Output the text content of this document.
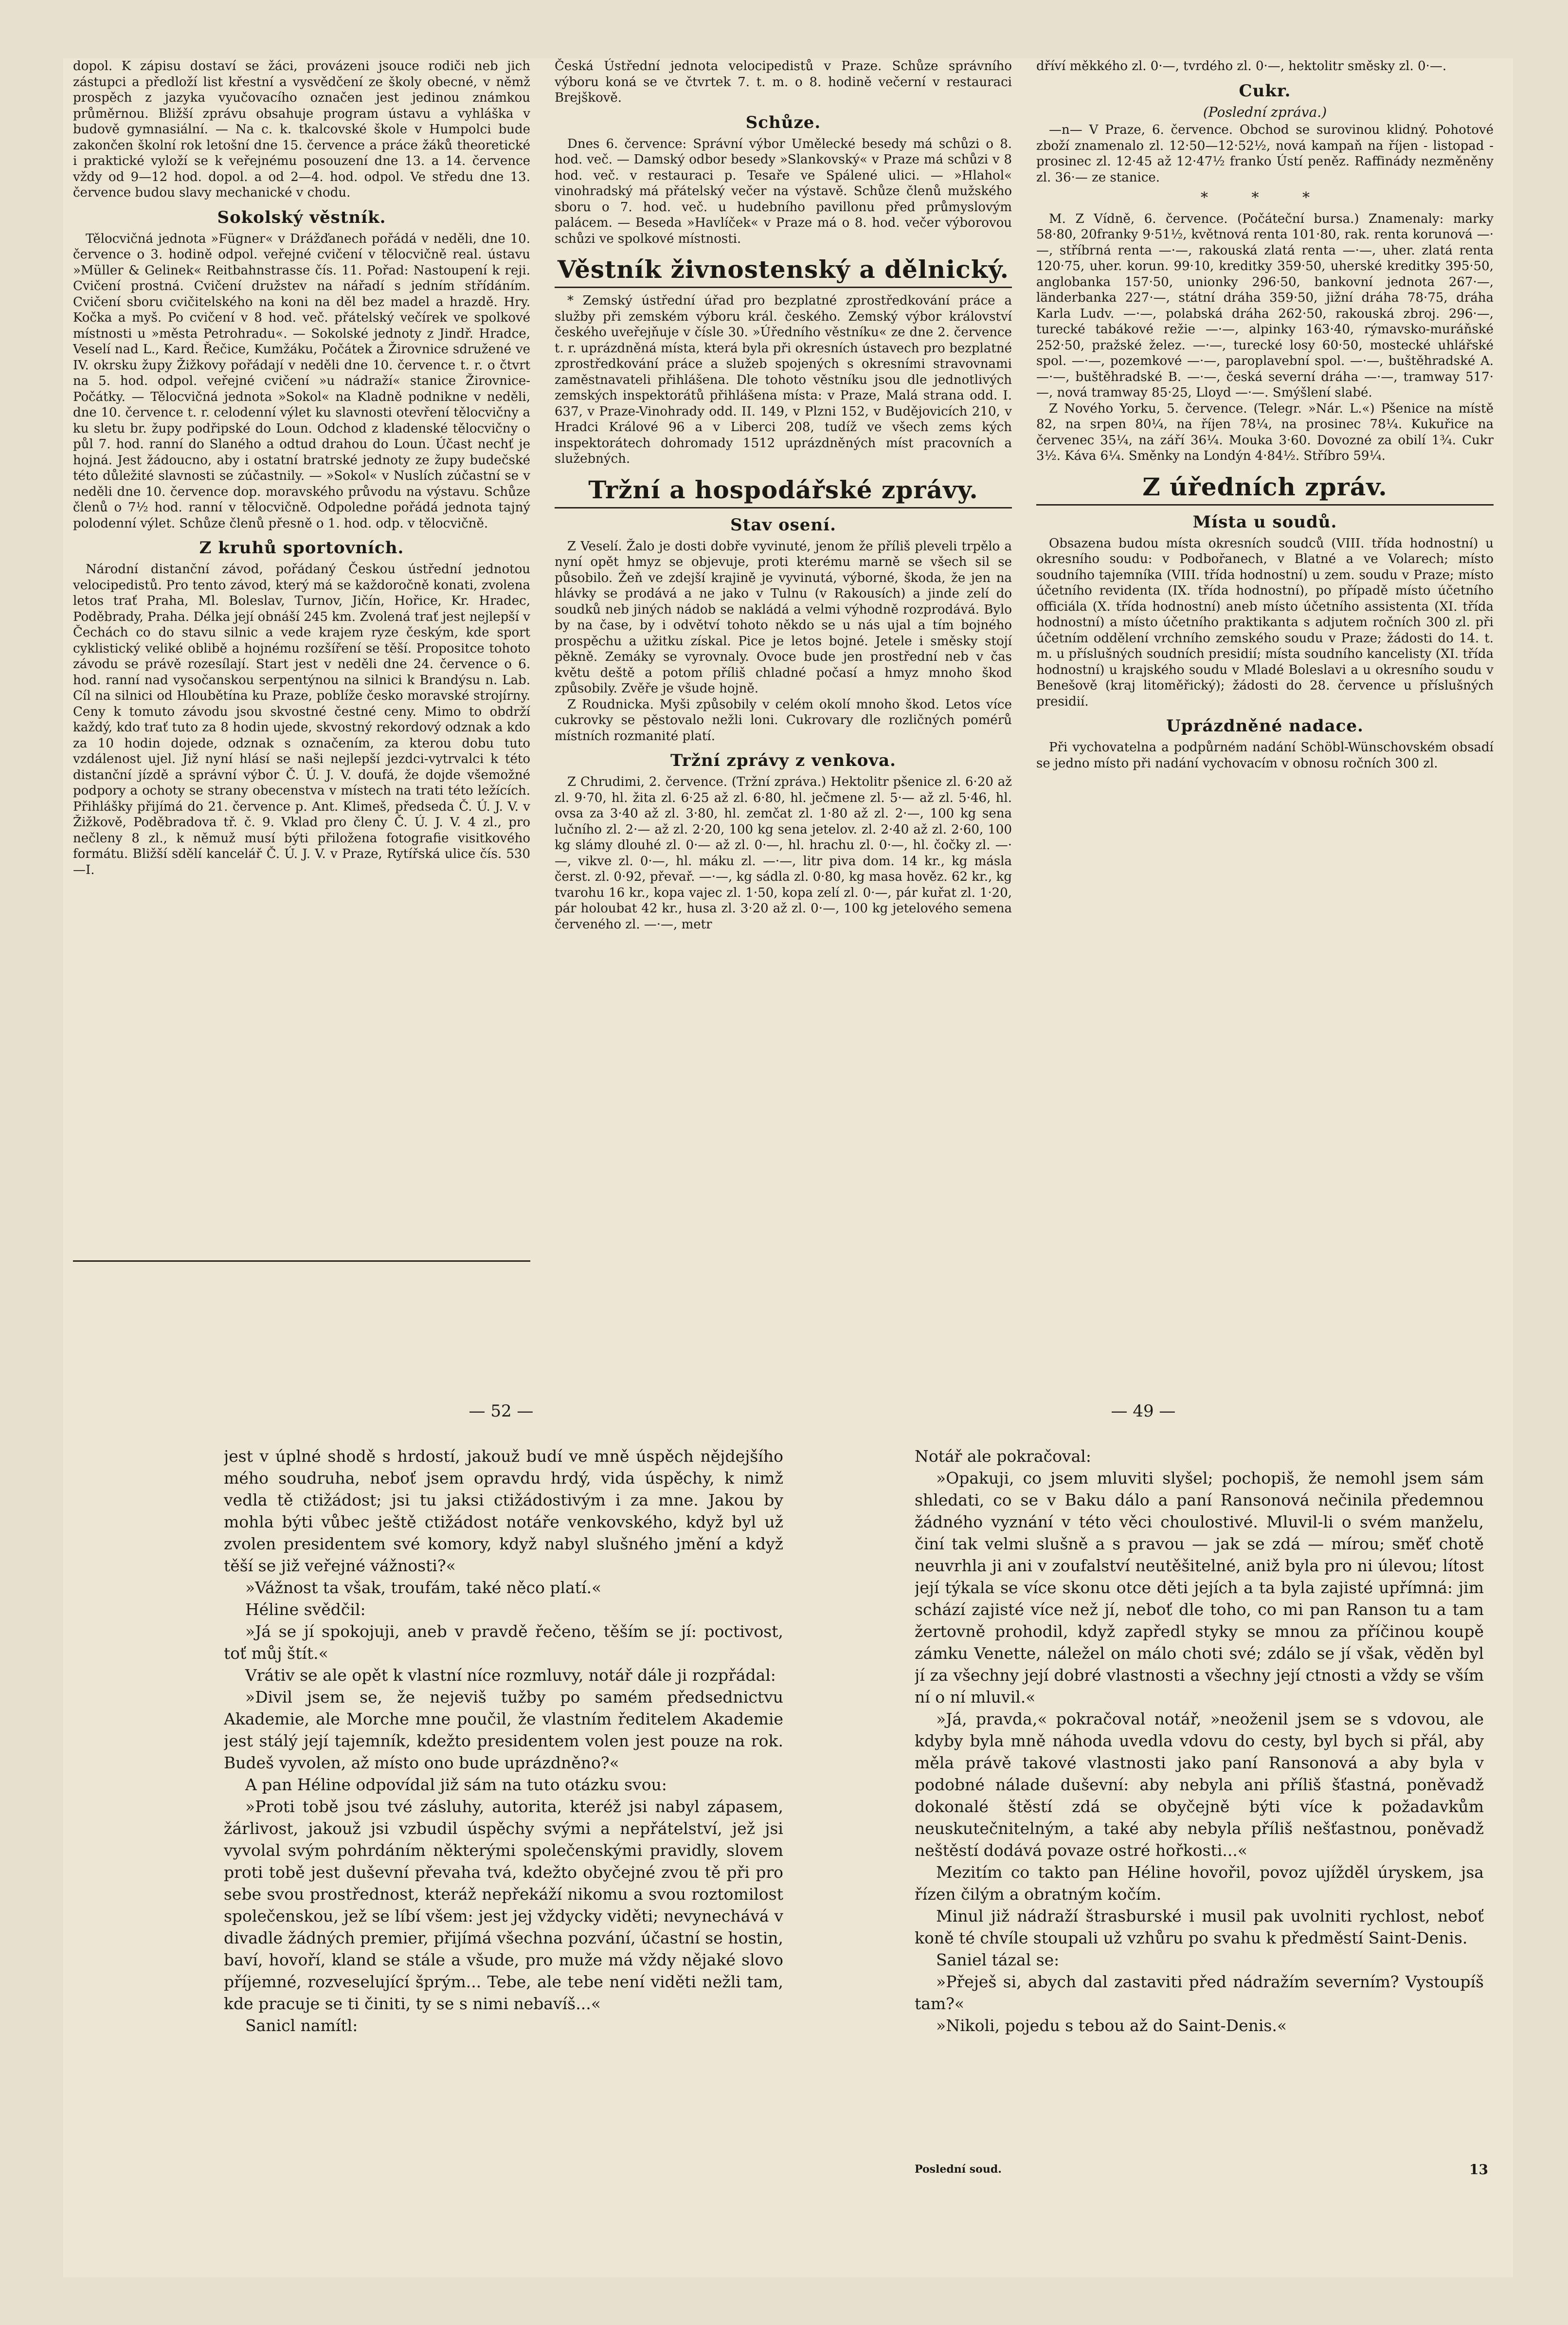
dopol. K zápisu dostaví se žáci, provázeni jsouce rodiči neb jich zástupci a předloží list křestní a vysvědčení ze školy obecné, v němž prospěch z jazyka vyučovacího označen jest jedinou známkou průměrnou. Bližší zprávu obsahuje program ústavu a vyhláška v budově gymnasiální. — Na c. k. tkalcovské škole v Humpolci bude zakončen školní rok letošní dne 15. července a práce žáků theoretické i praktické vyloží se k veřejnému posouzení dne 13. a 14. července vždy od 9—12 hod. dopol. a od 2—4. hod. odpol. Ve středu dne 13. července budou slavy mechanické v chodu.

Sokolský věstník.

Tělocvičná jednota »Fügner« v Drážďanech pořádá v neděli, dne 10. července o 3. hodině odpol. veřejné cvičení v tělocvičně real. ústavu »Müller & Gelinek« Reitbahnstrasse čís. 11. Pořad: Nastoupení k reji. Cvičení prostná. Cvičení družstev na nářadí s jedním střídáním. Cvičení sboru cvičitelského na koni na děl bez madel a hrazdě. Hry. Kočka a myš. Po cvičení v 8 hod. več. přátelský večírek ve spolkové místnosti u »města Petrohradu«. — Sokolské jednoty z Jindř. Hradce, Veselí nad L., Kard. Řečice, Kumžáku, Počátek a Žirovnice sdružené ve IV. okrsku župy Žižkovy pořádají v neděli dne 10. července t. r. o čtvrt na 5. hod. odpol. veřejné cvičení »u nádraží« stanice Žirovnice-Počátky. — Tělocvičná jednota »Sokol« na Kladně podnikne v neděli, dne 10. července t. r. celodenní výlet ku slavnosti otevření tělocvičny a ku sletu br. župy podřipské do Loun. Odchod z kladenské tělocvičny o půl 7. hod. ranní do Slaného a odtud drahou do Loun. Účast nechť je hojná. Jest žádoucno, aby i ostatní bratrské jednoty ze župy budečské této důležité slavnosti se zúčastnily. — »Sokol« v Nuslích zúčastní se v neděli dne 10. července dop. moravského průvodu na výstavu. Schůze členů o 7½ hod. ranní v tělocvičně. Odpoledne pořádá jednota tajný polodenní výlet. Schůze členů přesně o 1. hod. odp. v tělocvičně.

Z kruhů sportovních.

Národní distanční závod, pořádaný Českou ústřední jednotou velocipedistů. Pro tento závod, který má se každoročně konati, zvolena letos trať Praha, Ml. Boleslav, Turnov, Jičín, Hořice, Kr. Hradec, Poděbrady, Praha. Délka její obnáší 245 km. Zvolená trať jest nejlepší v Čechách co do stavu silnic a vede krajem ryze českým, kde sport cyklistický veliké oblibě a hojnému rozšíření se těší. Propositce tohoto závodu se právě rozesílají. Start jest v neděli dne 24. července o 6. hod. ranní nad vysočanskou serpentýnou na silnici k Brandýsu n. Lab. Cíl na silnici od Hloubětína ku Praze, poblíže česko moravské strojírny. Ceny k tomuto závodu jsou skvostné čestné ceny. Mimo to obdrží každý, kdo trať tuto za 8 hodin ujede, skvostný rekordový odznak a kdo za 10 hodin dojede, odznak s označením, za kterou dobu tuto vzdálenost ujel. Již nyní hlásí se naši nejlepší jezdci-vytrvalci k této distanční jízdě a správní výbor Č. Ú. J. V. doufá, že dojde všemožné podpory a ochoty se strany obecenstva v místech na trati této ležících. Přihlášky přijímá do 21. července p. Ant. Klimeš, předseda Č. Ú. J. V. v Žižkově, Poděbradova tř. č. 9. Vklad pro členy Č. Ú. J. V. 4 zl., pro nečleny 8 zl., k němuž musí býti přiložena fotografie visitkového formátu. Bližší sdělí kancelář Č. Ú. J. V. v Praze, Rytířská ulice čís. 530—I.

Česká Ústřední jednota velocipedistů v Praze. Schůze správního výboru koná se ve čtvrtek 7. t. m. o 8. hodině večerní v restauraci Brejškově.

Schůze.

Dnes 6. července: Správní výbor Umělecké besedy má schůzi o 8. hod. več. — Damský odbor besedy »Slankovský« v Praze má schůzi v 8 hod. več. v restauraci p. Tesaře ve Spálené ulici. — »Hlahol« vinohradský má přátelský večer na výstavě. Schůze členů mužského sboru o 7. hod. več. u hudebního pavillonu před průmyslovým palácem. — Beseda »Havlíček« v Praze má o 8. hod. večer výborovou schůzi ve spolkové místnosti.

Věstník živnostenský a dělnický.

* Zemský ústřední úřad pro bezplatné zprostředkování práce a služby při zemském výboru král. českého. Zemský výbor království českého uveřejňuje v čísle 30. »Úředního věstníku« ze dne 2. července t. r. uprázdněná místa, která byla při okresních ústavech pro bezplatné zprostředkování práce a služeb spojených s okresními stravovnami zaměstnavateli přihlášena. Dle tohoto věstníku jsou dle jednotlivých zemských inspektorátů přihlášena místa: v Praze, Malá strana odd. I. 637, v Praze-Vinohrady odd. II. 149, v Plzni 152, v Budějovicích 210, v Hradci Králové 96 a v Liberci 208, tudíž ve všech zems kých inspektorátech dohromady 1512 uprázdněných míst pracovních a služebných.

Tržní a hospodářské zprávy.
Stav osení.

Z Veselí. Žalo je dosti dobře vyvinuté, jenom že příliš pleveli trpělo a nyní opět hmyz se objevuje, proti kterému marně se všech sil se působilo. Žeň ve zdejší krajině je vyvinutá, výborné, škoda, že jen na hlávky se prodává a ne jako v Tulnu (v Rakousích) a jinde zelí do soudků neb jiných nádob se nakládá a velmi výhodně rozprodává. Bylo by na čase, by i odvětví tohoto někdo se u nás ujal a tím bojného prospěchu a užitku získal. Pice je letos bojné. Jetele i směsky stojí pěkně. Zemáky se vyrovnaly. Ovoce bude jen prostřední neb v čas květu deště a potom příliš chladné počasí a hmyz mnoho škod způsobily. Zvěře je všude hojně.

Z Roudnicka. Myši způsobily v celém okolí mnoho škod. Letos více cukrovky se pěstovalo nežli loni. Cukrovary dle rozličných pomérů místních rozmanité platí.

Tržní zprávy z venkova.

Z Chrudimi, 2. července. (Tržní zpráva.) Hektolitr pšenice zl. 6·20 až zl. 9·70, hl. žita zl. 6·25 až zl. 6·80, hl. ječmene zl. 5·— až zl. 5·46, hl. ovsa za 3·40 až zl. 3·80, hl. zemčat zl. 1·80 až zl. 2·—, 100 kg sena lučního zl. 2·— až zl. 2·20, 100 kg sena jetelov. zl. 2·40 až zl. 2·60, 100 kg slámy dlouhé zl. 0·— až zl. 0·—, hl. hrachu zl. 0·—, hl. čočky zl. —·—, vikve zl. 0·—, hl. máku zl. —·—, litr piva dom. 14 kr., kg másla čerst. zl. 0·92, převař. —·—, kg sádla zl. 0·80, kg masa hověz. 62 kr., kg tvarohu 16 kr., kopa vajec zl. 1·50, kopa zelí zl. 0·—, pár kuřat zl. 1·20, pár holoubat 42 kr., husa zl. 3·20 až zl. 0·—, 100 kg jetelového semena červeného zl. —·—, metr

dříví měkkého zl. 0·—, tvrdého zl. 0·—, hektolitr směsky zl. 0·—.

Cukr.
(Poslední zpráva.)

—n— V Praze, 6. července. Obchod se surovinou klidný. Pohotové zboží znamenalo zl. 12·50—12·52½, nová kampaň na říjen - listopad - prosinec zl. 12·45 až 12·47½ franko Ústí peněz. Raffinády nezměněny zl. 36·— ze stanice.

* * *

M. Z Vídně, 6. července. (Počáteční bursa.) Znamenaly: marky 58·80, 20franky 9·51½, květnová renta 101·80, rak. renta korunová —·—, stříbrná renta —·—, rakouská zlatá renta —·—, uher. zlatá renta 120·75, uher. korun. 99·10, kreditky 359·50, uherské kreditky 395·50, anglobanka 157·50, unionky 296·50, bankovní jednota 267·—, länderbanka 227·—, státní dráha 359·50, jižní dráha 78·75, dráha Karla Ludv. —·—, polabská dráha 262·50, rakouská zbroj. 296·—, turecké tabákové režie —·—, alpinky 163·40, rýmavsko-muráňské 252·50, pražské želez. —·—, turecké losy 60·50, mostecké uhlářské spol. —·—, pozemkové —·—, paroplavební spol. —·—, buštěhradské A. —·—, buštěhradské B. —·—, česká severní dráha —·—, tramway 517·—, nová tramway 85·25, Lloyd —·—. Smýšlení slabé.

Z Nového Yorku, 5. července. (Telegr. »Nár. L.«) Pšenice na místě 82, na srpen 80¼, na říjen 78¼, na prosinec 78¼. Kukuřice na červenec 35¼, na září 36¼. Mouka 3·60. Dovozné za obilí 1¾. Cukr 3½. Káva 6¼. Směnky na Londýn 4·84½. Stříbro 59¼.

Z úředních zpráv.
Místa u soudů.

Obsazena budou místa okresních soudců (VIII. třída hodnostní) u okresního soudu: v Podbořanech, v Blatné a ve Volarech; místo soudního tajemníka (VIII. třída hodnostní) u zem. soudu v Praze; místo účetního revidenta (IX. třída hodnostní), po případě místo účetního officiála (X. třída hodnostní) aneb místo účetního assistenta (XI. třída hodnostní) a místo účetního praktikanta s adjutem ročních 300 zl. při účetním oddělení vrchního zemského soudu v Praze; žádosti do 14. t. m. u příslušných soudních presidií; místa soudního kancelisty (XI. třída hodnostní) u krajského soudu v Mladé Boleslavi a u okresního soudu v Benešově (kraj litoměřický); žádosti do 28. července u příslušných presidií.

Uprázdněné nadace.

Při vychovatelna a podpůrném nadání Schöbl-Wünschovském obsadí se jedno místo při nadání vychovacím v obnosu ročních 300 zl.

— 52 —	— 49 —

jest v úplné shodě s hrdostí, jakouž budí ve mně úspěch nějdejšího mého soudruha, neboť jsem opravdu hrdý, vida úspěchy, k nimž vedla tě ctižádost; jsi tu jaksi ctižádostivým i za mne. Jakou by mohla býti vůbec ještě ctižádost notáře venkovského, když byl už zvolen presidentem své komory, když nabyl slušného jmění a když těší se již veřejné vážnosti?«

»Vážnost ta však, troufám, také něco platí.«

Héline svědčil:

»Já se jí spokojuji, aneb v pravdě řečeno, těším se jí: poctivost, toť můj štít.«

Vrátiv se ale opět k vlastní níce rozmluvy, notář dále ji rozpřádal:

»Divil jsem se, že nejeviš tužby po samém předsednictvu Akademie, ale Morche mne poučil, že vlastním ředitelem Akademie jest stálý její tajemník, kdežto presidentem volen jest pouze na rok. Budeš vyvolen, až místo ono bude uprázdněno?«

A pan Héline odpovídal již sám na tuto otázku svou:

»Proti tobě jsou tvé zásluhy, autorita, kteréž jsi nabyl zápasem, žárlivost, jakouž jsi vzbudil úspěchy svými a nepřátelství, jež jsi vyvolal svým pohrdáním některými společenskými pravidly, slovem proti tobě jest duševní převaha tvá, kdežto obyčejné zvou tě při pro sebe svou prostřednost, kteráž nepřekáží nikomu a svou roztomilost společenskou, jež se líbí všem: jest jej vždycky viděti; nevynechává v divadle žádných premier, přijímá všechna pozvání, účastní se hostin, baví, hovoří, kland se stále a všude, pro muže má vždy nějaké slovo příjemné, rozveselující šprým... Tebe, ale tebe není viděti nežli tam, kde pracuje se ti činiti, ty se s nimi nebavíš...«

Sanicl namítl:

Notář ale pokračoval:

»Opakuji, co jsem mluviti slyšel; pochopiš, že nemohl jsem sám shledati, co se v Baku dálo a paní Ransonová nečinila předemnou žádného vyznání v této věci choulostivé. Mluvil-li o svém manželu, činí tak velmi slušně a s pravou — jak se zdá — mírou; směť chotě neuvrhla ji ani v zoufalství neutěšitelné, aniž byla pro ni úlevou; lítost její týkala se více skonu otce děti jejích a ta byla zajisté upřímná: jim schází zajisté více než jí, neboť dle toho, co mi pan Ranson tu a tam žertovně prohodil, když zapředl styky se mnou za příčinou koupě zámku Venette, náležel on málo choti své; zdálo se jí však, věděn byl jí za všechny její dobré vlastnosti a všechny její ctnosti a vždy se vším ní o ní mluvil.«

»Já, pravda,« pokračoval notář, »neoženil jsem se s vdovou, ale kdyby byla mně náhoda uvedla vdovu do cesty, byl bych si přál, aby měla právě takové vlastnosti jako paní Ransonová a aby byla v podobné nálade duševní: aby nebyla ani příliš šťastná, poněvadž dokonalé štěstí zdá se obyčejně býti více k požadavkům neuskutečnitelným, a také aby nebyla příliš nešťastnou, poněvadž neštěstí dodává povaze ostré hořkosti...«

Mezitím co takto pan Héline hovořil, povoz ujížděl úryskem, jsa řízen čilým a obratným kočím.

Minul již nádraží štrasburské i musil pak uvolniti rychlost, neboť koně té chvíle stoupali už vzhůru po svahu k předměstí Saint-Denis.

Saniel tázal se:

»Přeješ si, abych dal zastaviti před nádražím severním? Vystoupíš tam?«

»Nikoli, pojedu s tebou až do Saint-Denis.«

Poslední soud.	13
